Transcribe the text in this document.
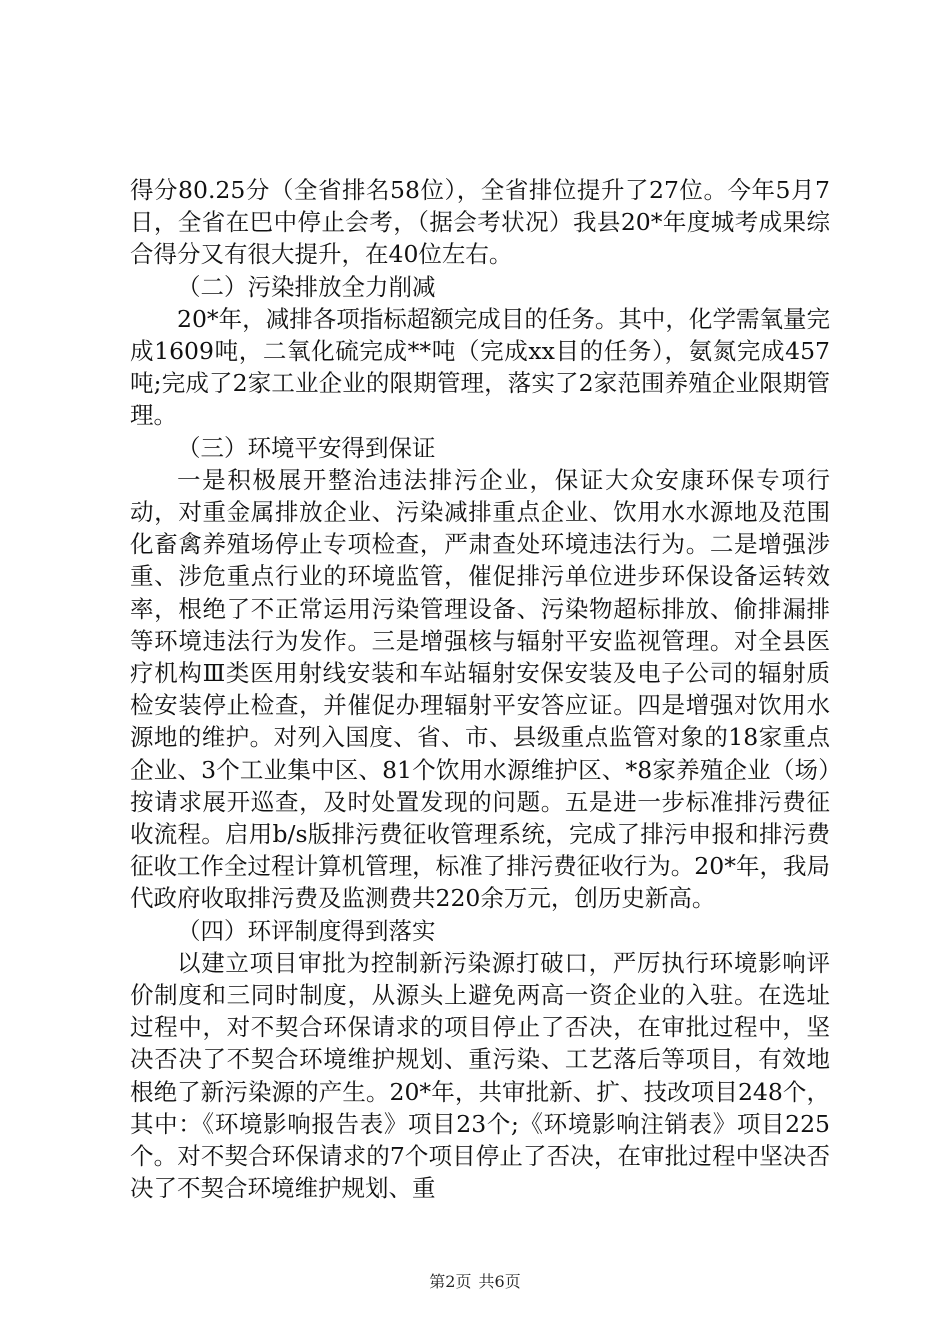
得分80.25分（全省排名58位），全省排位提升了27位。今年5月7日，全省在巴中停止会考，（据会考状况）我县20*年度城考成果综合得分又有很大提升，在40位左右。

（二）污染排放全力削减

20*年，减排各项指标超额完成目的任务。其中，化学需氧量完成1609吨，二氧化硫完成**吨（完成xx目的任务），氨氮完成457吨;完成了2家工业企业的限期管理，落实了2家范围养殖企业限期管理。

（三）环境平安得到保证

一是积极展开整治违法排污企业，保证大众安康环保专项行动，对重金属排放企业、污染减排重点企业、饮用水水源地及范围化畜禽养殖场停止专项检查，严肃查处环境违法行为。二是增强涉重、涉危重点行业的环境监管，催促排污单位进步环保设备运转效率，根绝了不正常运用污染管理设备、污染物超标排放、偷排漏排等环境违法行为发作。三是增强核与辐射平安监视管理。对全县医疗机构Ⅲ类医用射线安装和车站辐射安保安装及电子公司的辐射质检安装停止检查，并催促办理辐射平安答应证。四是增强对饮用水源地的维护。对列入国度、省、市、县级重点监管对象的18家重点企业、3个工业集中区、81个饮用水源维护区、*8家养殖企业（场）按请求展开巡查，及时处置发现的问题。五是进一步标准排污费征收流程。启用b/s版排污费征收管理系统，完成了排污申报和排污费征收工作全过程计算机管理，标准了排污费征收行为。20*年，我局代政府收取排污费及监测费共220余万元，创历史新高。

（四）环评制度得到落实

以建立项目审批为控制新污染源打破口，严厉执行环境影响评价制度和三同时制度，从源头上避免两高一资企业的入驻。在选址过程中，对不契合环保请求的项目停止了否决，在审批过程中，坚决否决了不契合环境维护规划、重污染、工艺落后等项目，有效地根绝了新污染源的产生。20*年，共审批新、扩、技改项目248个，其中：《环境影响报告表》项目23个;《环境影响注销表》项目225个。对不契合环保请求的7个项目停止了否决，在审批过程中坚决否决了不契合环境维护规划、重

第2页 共6页
